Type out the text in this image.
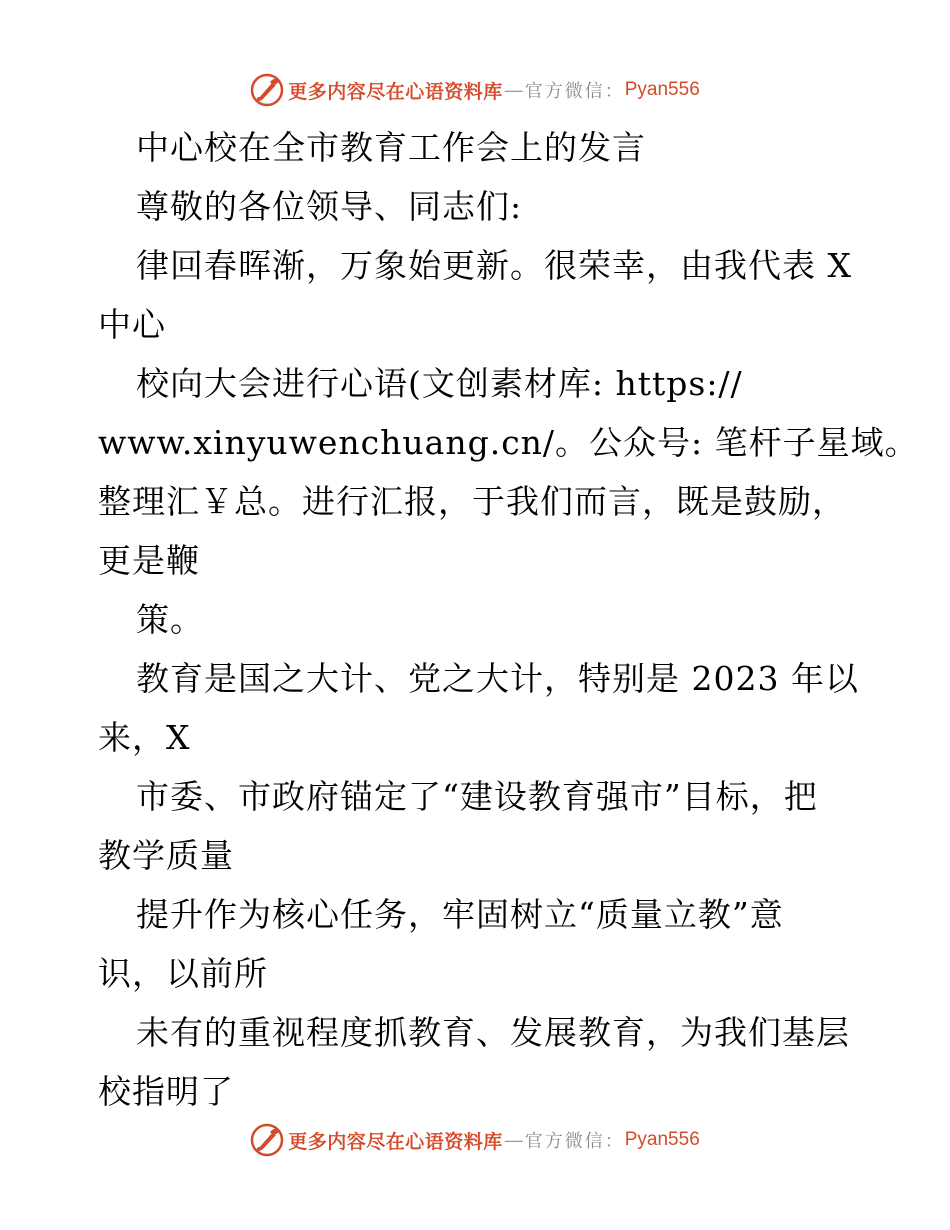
更多内容尽在心语资料库 — 官方微信： Pyan556
中心校在全市教育工作会上的发言
尊敬的各位领导、同志们:
律回春晖渐，万象始更新。很荣幸，由我代表 X
中心
校向大会进行心语(文创素材库: https://
www.xinyuwenchuang.cn/。公众号: 笔杆子星域。
整理汇￥总。进行汇报，于我们而言，既是鼓励，
更是鞭
策。
教育是国之大计、党之大计，特别是 2023 年以
来，X
市委、市政府锚定了“建设教育强市”目标，把
教学质量
提升作为核心任务，牢固树立“质量立教”意
识，以前所
未有的重视程度抓教育、发展教育，为我们基层
校指明了
更多内容尽在心语资料库 — 官方微信： Pyan556
